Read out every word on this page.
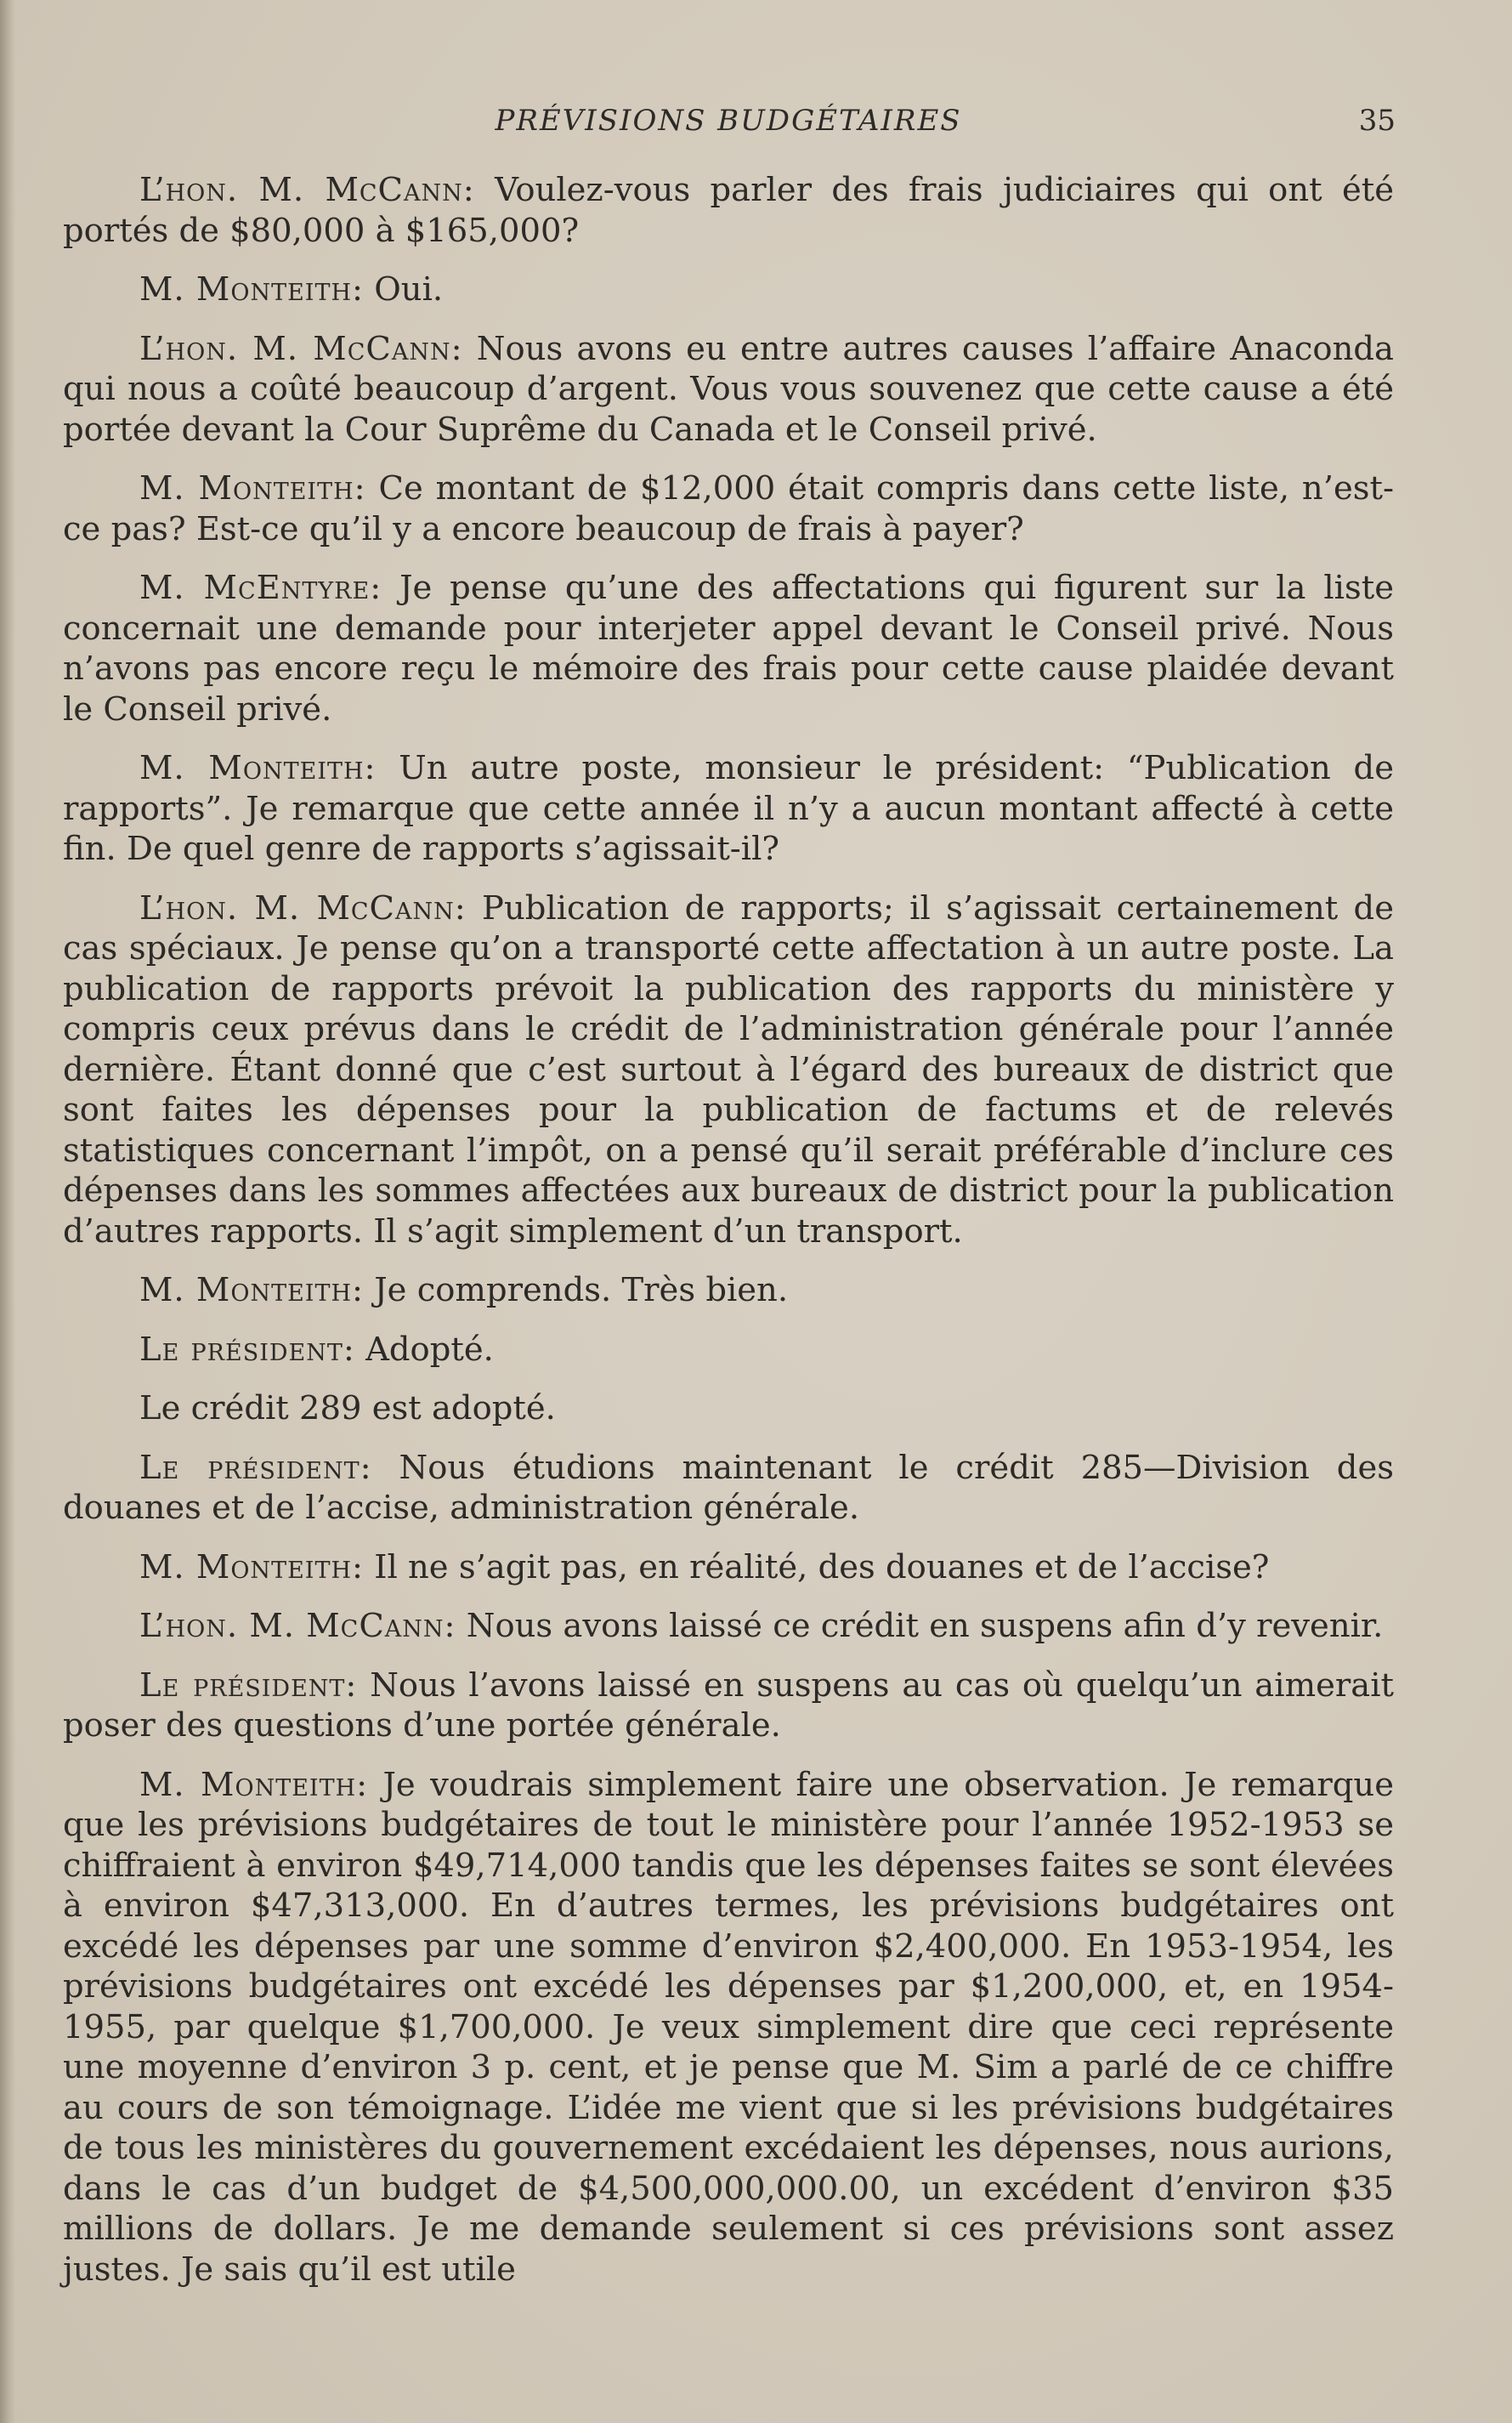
PRÉVISIONS BUDGÉTAIRES	35

L’hon. M. McCann: Voulez-vous parler des frais judiciaires qui ont été portés de $80,000 à $165,000?

M. Monteith: Oui.

L’hon. M. McCann: Nous avons eu entre autres causes l’affaire Anaconda qui nous a coûté beaucoup d’argent. Vous vous souvenez que cette cause a été portée devant la Cour Suprême du Canada et le Conseil privé.

M. Monteith: Ce montant de $12,000 était compris dans cette liste, n’est-ce pas? Est-ce qu’il y a encore beaucoup de frais à payer?

M. McEntyre: Je pense qu’une des affectations qui figurent sur la liste concernait une demande pour interjeter appel devant le Conseil privé. Nous n’avons pas encore reçu le mémoire des frais pour cette cause plaidée devant le Conseil privé.

M. Monteith: Un autre poste, monsieur le président: “Publication de rapports”. Je remarque que cette année il n’y a aucun montant affecté à cette fin. De quel genre de rapports s’agissait-il?

L’hon. M. McCann: Publication de rapports; il s’agissait certainement de cas spéciaux. Je pense qu’on a transporté cette affectation à un autre poste. La publication de rapports prévoit la publication des rapports du ministère y compris ceux prévus dans le crédit de l’administration générale pour l’année dernière. Étant donné que c’est surtout à l’égard des bureaux de district que sont faites les dépenses pour la publication de factums et de relevés statistiques concernant l’impôt, on a pensé qu’il serait préférable d’inclure ces dépenses dans les sommes affectées aux bureaux de district pour la publication d’autres rapports. Il s’agit simplement d’un transport.

M. Monteith: Je comprends. Très bien.

Le président: Adopté.

Le crédit 289 est adopté.

Le président: Nous étudions maintenant le crédit 285—Division des douanes et de l’accise, administration générale.

M. Monteith: Il ne s’agit pas, en réalité, des douanes et de l’accise?

L’hon. M. McCann: Nous avons laissé ce crédit en suspens afin d’y revenir.

Le président: Nous l’avons laissé en suspens au cas où quelqu’un aimerait poser des questions d’une portée générale.

M. Monteith: Je voudrais simplement faire une observation. Je remarque que les prévisions budgétaires de tout le ministère pour l’année 1952-1953 se chiffraient à environ $49,714,000 tandis que les dépenses faites se sont élevées à environ $47,313,000. En d’autres termes, les prévisions budgétaires ont excédé les dépenses par une somme d’environ $2,400,000. En 1953-1954, les prévisions budgétaires ont excédé les dépenses par $1,200,000, et, en 1954-1955, par quelque $1,700,000. Je veux simplement dire que ceci représente une moyenne d’environ 3 p. cent, et je pense que M. Sim a parlé de ce chiffre au cours de son témoignage. L’idée me vient que si les prévisions budgétaires de tous les ministères du gouvernement excédaient les dépenses, nous aurions, dans le cas d’un budget de $4,500,000,000.00, un excédent d’environ $35 millions de dollars. Je me demande seulement si ces prévisions sont assez justes. Je sais qu’il est utile
